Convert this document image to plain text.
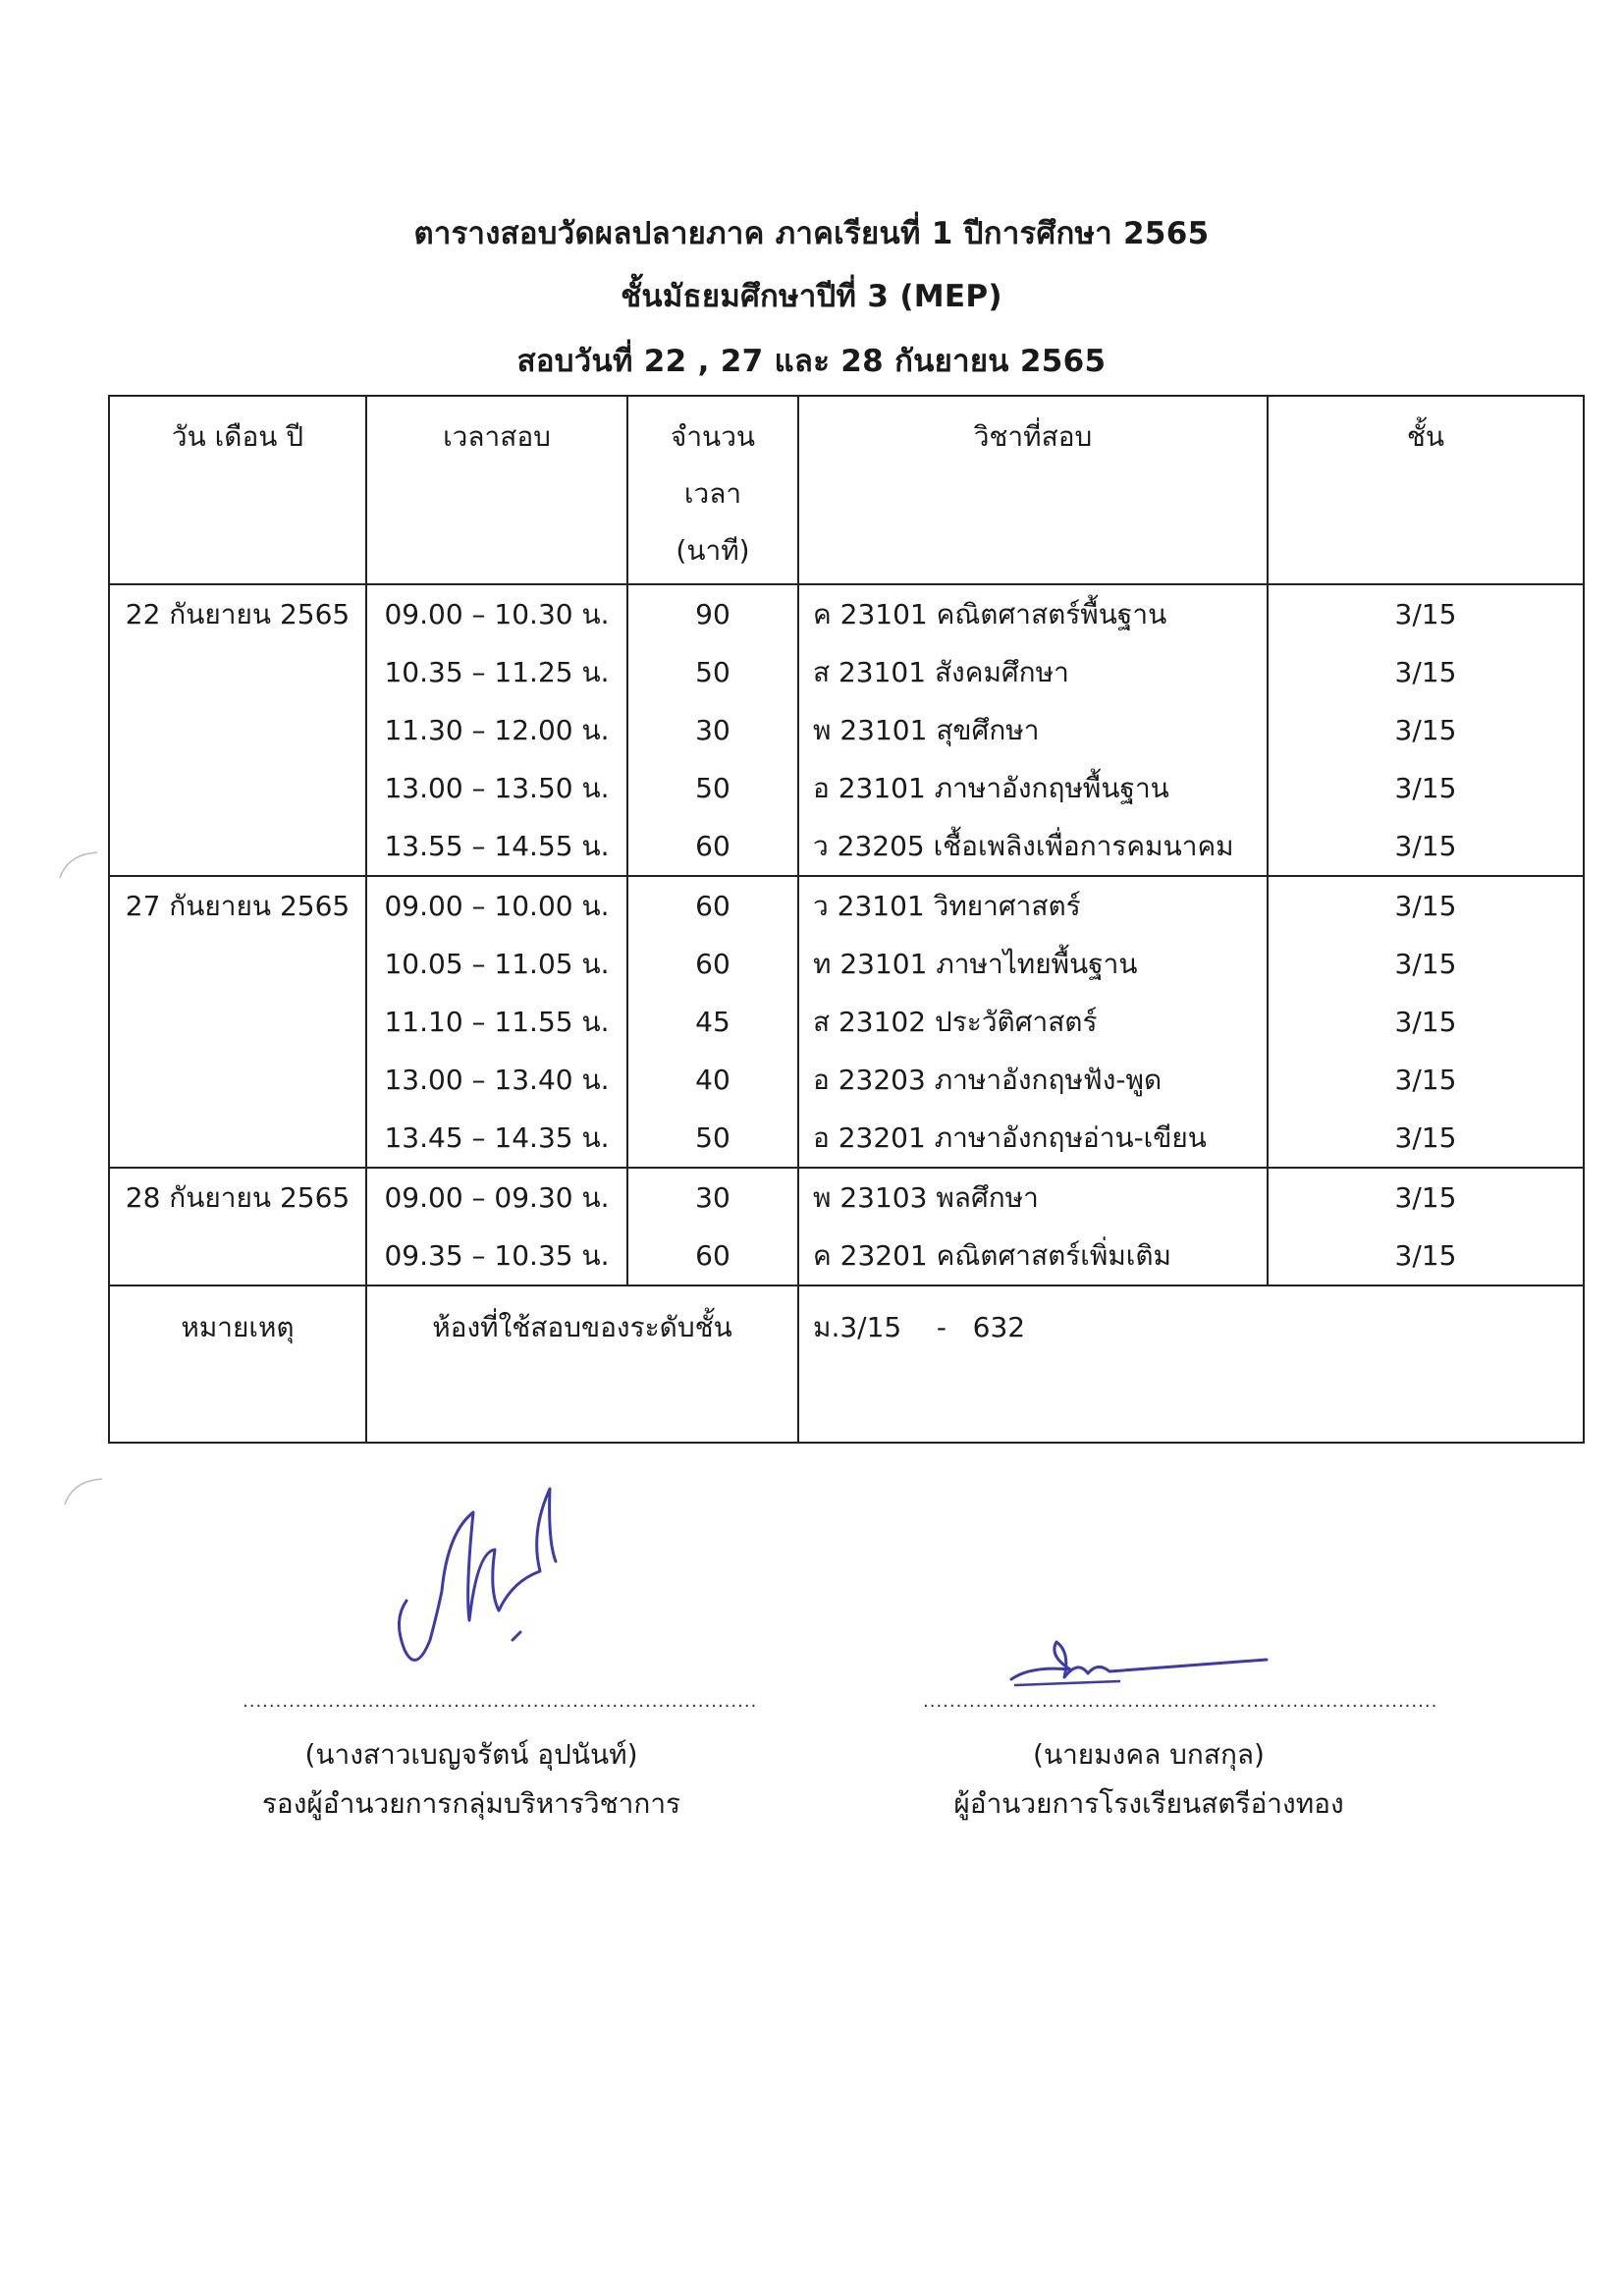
ตารางสอบวัดผลปลายภาค ภาคเรียนที่ 1 ปีการศึกษา 2565
ชั้นมัธยมศึกษาปีที่ 3 (MEP)
สอบวันที่ 22 , 27 และ 28 กันยายน 2565
วัน เดือน ปี	เวลาสอบ	จำนวน
เวลา
(นาที)	วิชาที่สอบ	ชั้น
22 กันยายน 2565	09.00 – 10.30 น.	90	ค 23101 คณิตศาสตร์พื้นฐาน	3/15
	10.35 – 11.25 น.	50	ส 23101 สังคมศึกษา	3/15
	11.30 – 12.00 น.	30	พ 23101 สุขศึกษา	3/15
	13.00 – 13.50 น.	50	อ 23101 ภาษาอังกฤษพื้นฐาน	3/15
	13.55 – 14.55 น.	60	ว 23205 เชื้อเพลิงเพื่อการคมนาคม	3/15
27 กันยายน 2565	09.00 – 10.00 น.	60	ว 23101 วิทยาศาสตร์	3/15
	10.05 – 11.05 น.	60	ท 23101 ภาษาไทยพื้นฐาน	3/15
	11.10 – 11.55 น.	45	ส 23102 ประวัติศาสตร์	3/15
	13.00 – 13.40 น.	40	อ 23203 ภาษาอังกฤษฟัง-พูด	3/15
	13.45 – 14.35 น.	50	อ 23201 ภาษาอังกฤษอ่าน-เขียน	3/15
28 กันยายน 2565	09.00 – 09.30 น.	30	พ 23103 พลศึกษา	3/15
	09.35 – 10.35 น.	60	ค 23201 คณิตศาสตร์เพิ่มเติม	3/15
หมายเหตุ	ห้องที่ใช้สอบของระดับชั้น		ม.3/15    -   632	
..............................................................................	..............................................................................
(นางสาวเบญจรัตน์ อุปนันท์)
รองผู้อำนวยการกลุ่มบริหารวิชาการ
(นายมงคล บกสกุล)
ผู้อำนวยการโรงเรียนสตรีอ่างทอง
